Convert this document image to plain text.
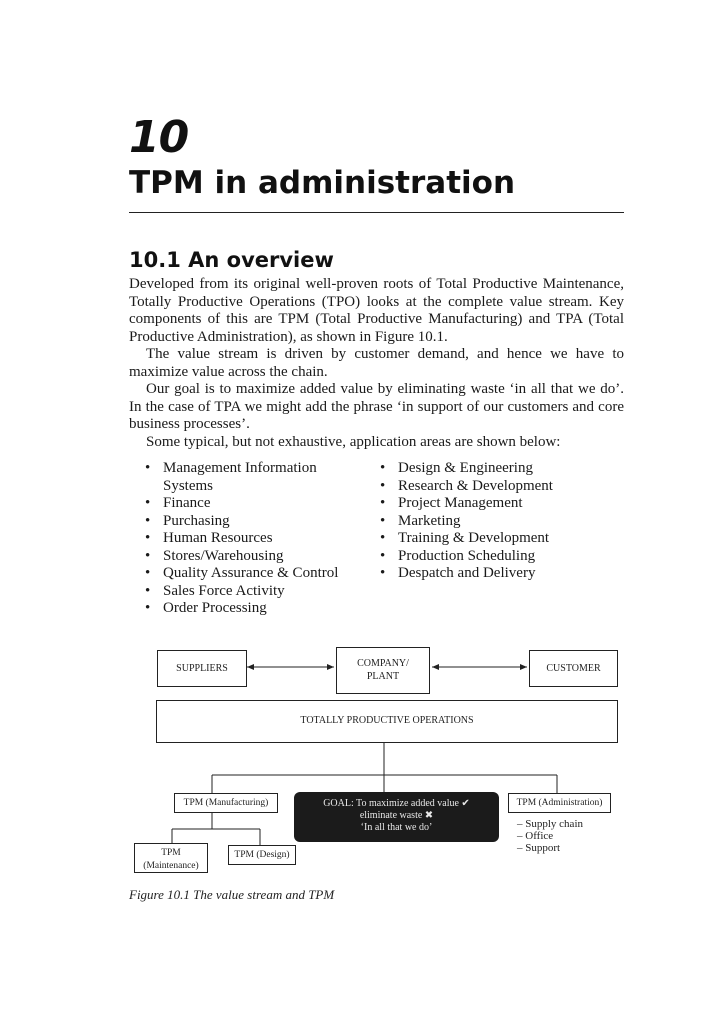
10
TPM in administration
10.1 An overview

Developed from its original well-proven roots of Total Productive Maintenance, Totally Productive Operations (TPO) looks at the complete value stream. Key components of this are TPM (Total Productive Manufacturing) and TPA (Total Productive Administration), as shown in Figure 10.1.

The value stream is driven by customer demand, and hence we have to maximize value across the chain.

Our goal is to maximize added value by eliminating waste ‘in all that we do’. In the case of TPA we might add the phrase ‘in support of our customers and core business processes’.

Some typical, but not exhaustive, application areas are shown below:

• Management Information Systems
• Finance
• Purchasing
• Human Resources
• Stores/Warehousing
• Quality Assurance & Control
• Sales Force Activity
• Order Processing
• Design & Engineering
• Research & Development
• Project Management
• Marketing
• Training & Development
• Production Scheduling
• Despatch and Delivery
SUPPLIERS	COMPANY/
PLANT
CUSTOMER
TOTALLY PRODUCTIVE OPERATIONS
TPM (Manufacturing)	GOAL: To maximize added value ✔
eliminate waste ✖
‘In all that we do’
TPM (Administration)
– Supply chain
– Office
– Support
TPM
(Maintenance)
TPM (Design)
Figure 10.1 The value stream and TPM
